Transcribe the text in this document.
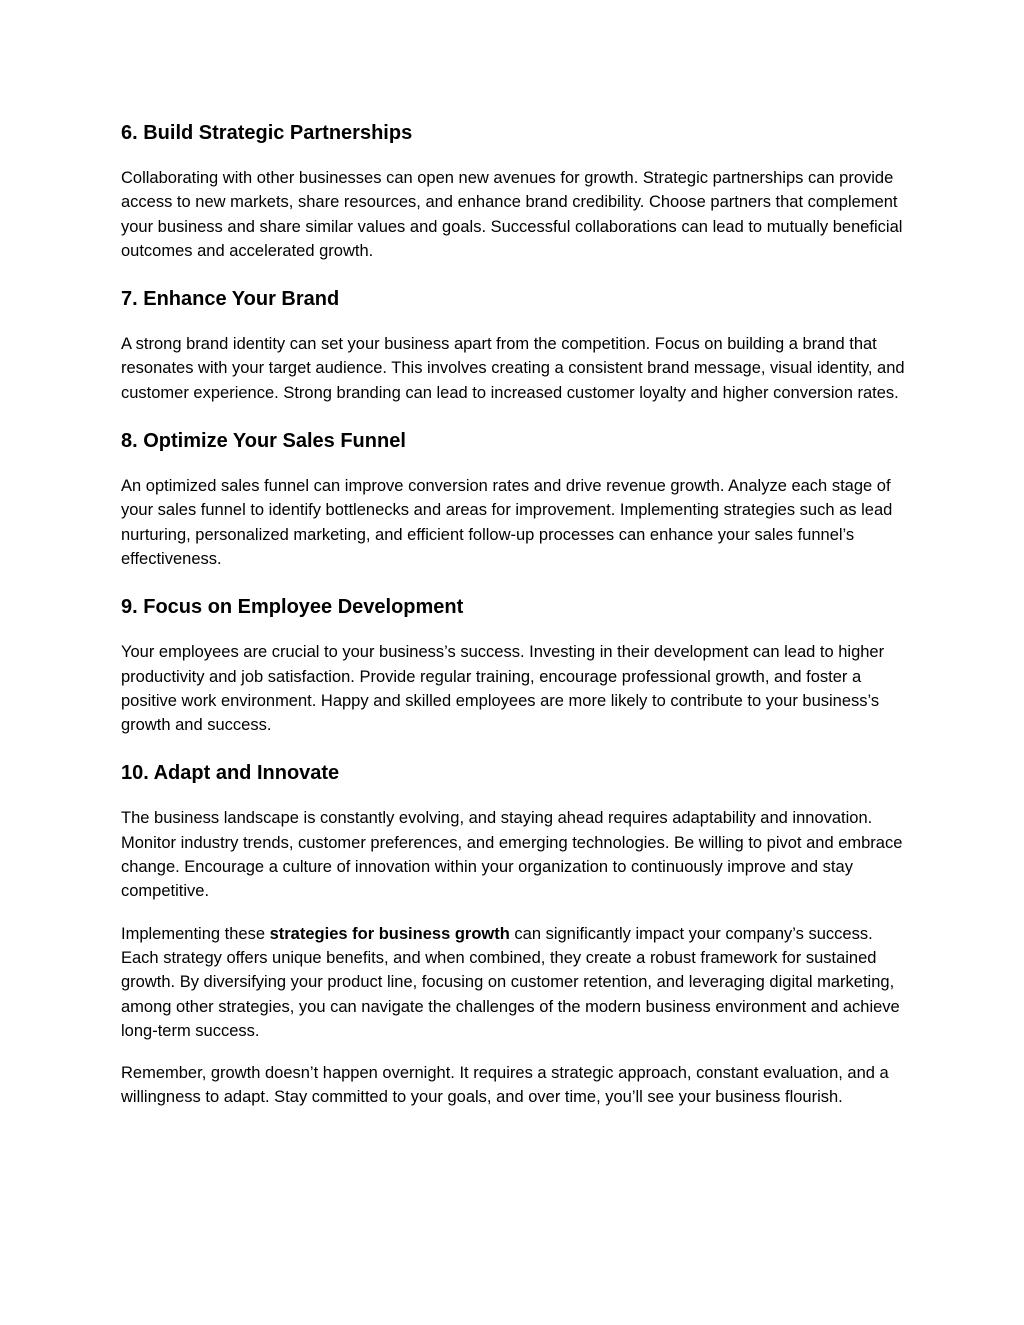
6. Build Strategic Partnerships

Collaborating with other businesses can open new avenues for growth. Strategic partnerships can provide access to new markets, share resources, and enhance brand credibility. Choose partners that complement your business and share similar values and goals. Successful collaborations can lead to mutually beneficial outcomes and accelerated growth.

7. Enhance Your Brand

A strong brand identity can set your business apart from the competition. Focus on building a brand that resonates with your target audience. This involves creating a consistent brand message, visual identity, and customer experience. Strong branding can lead to increased customer loyalty and higher conversion rates.

8. Optimize Your Sales Funnel

An optimized sales funnel can improve conversion rates and drive revenue growth. Analyze each stage of your sales funnel to identify bottlenecks and areas for improvement. Implementing strategies such as lead nurturing, personalized marketing, and efficient follow-up processes can enhance your sales funnel’s effectiveness.

9. Focus on Employee Development

Your employees are crucial to your business’s success. Investing in their development can lead to higher productivity and job satisfaction. Provide regular training, encourage professional growth, and foster a positive work environment. Happy and skilled employees are more likely to contribute to your business’s growth and success.

10. Adapt and Innovate

The business landscape is constantly evolving, and staying ahead requires adaptability and innovation. Monitor industry trends, customer preferences, and emerging technologies. Be willing to pivot and embrace change. Encourage a culture of innovation within your organization to continuously improve and stay competitive.

Implementing these strategies for business growth can significantly impact your company’s success. Each strategy offers unique benefits, and when combined, they create a robust framework for sustained growth. By diversifying your product line, focusing on customer retention, and leveraging digital marketing, among other strategies, you can navigate the challenges of the modern business environment and achieve long-term success.

Remember, growth doesn’t happen overnight. It requires a strategic approach, constant evaluation, and a willingness to adapt. Stay committed to your goals, and over time, you’ll see your business flourish.
